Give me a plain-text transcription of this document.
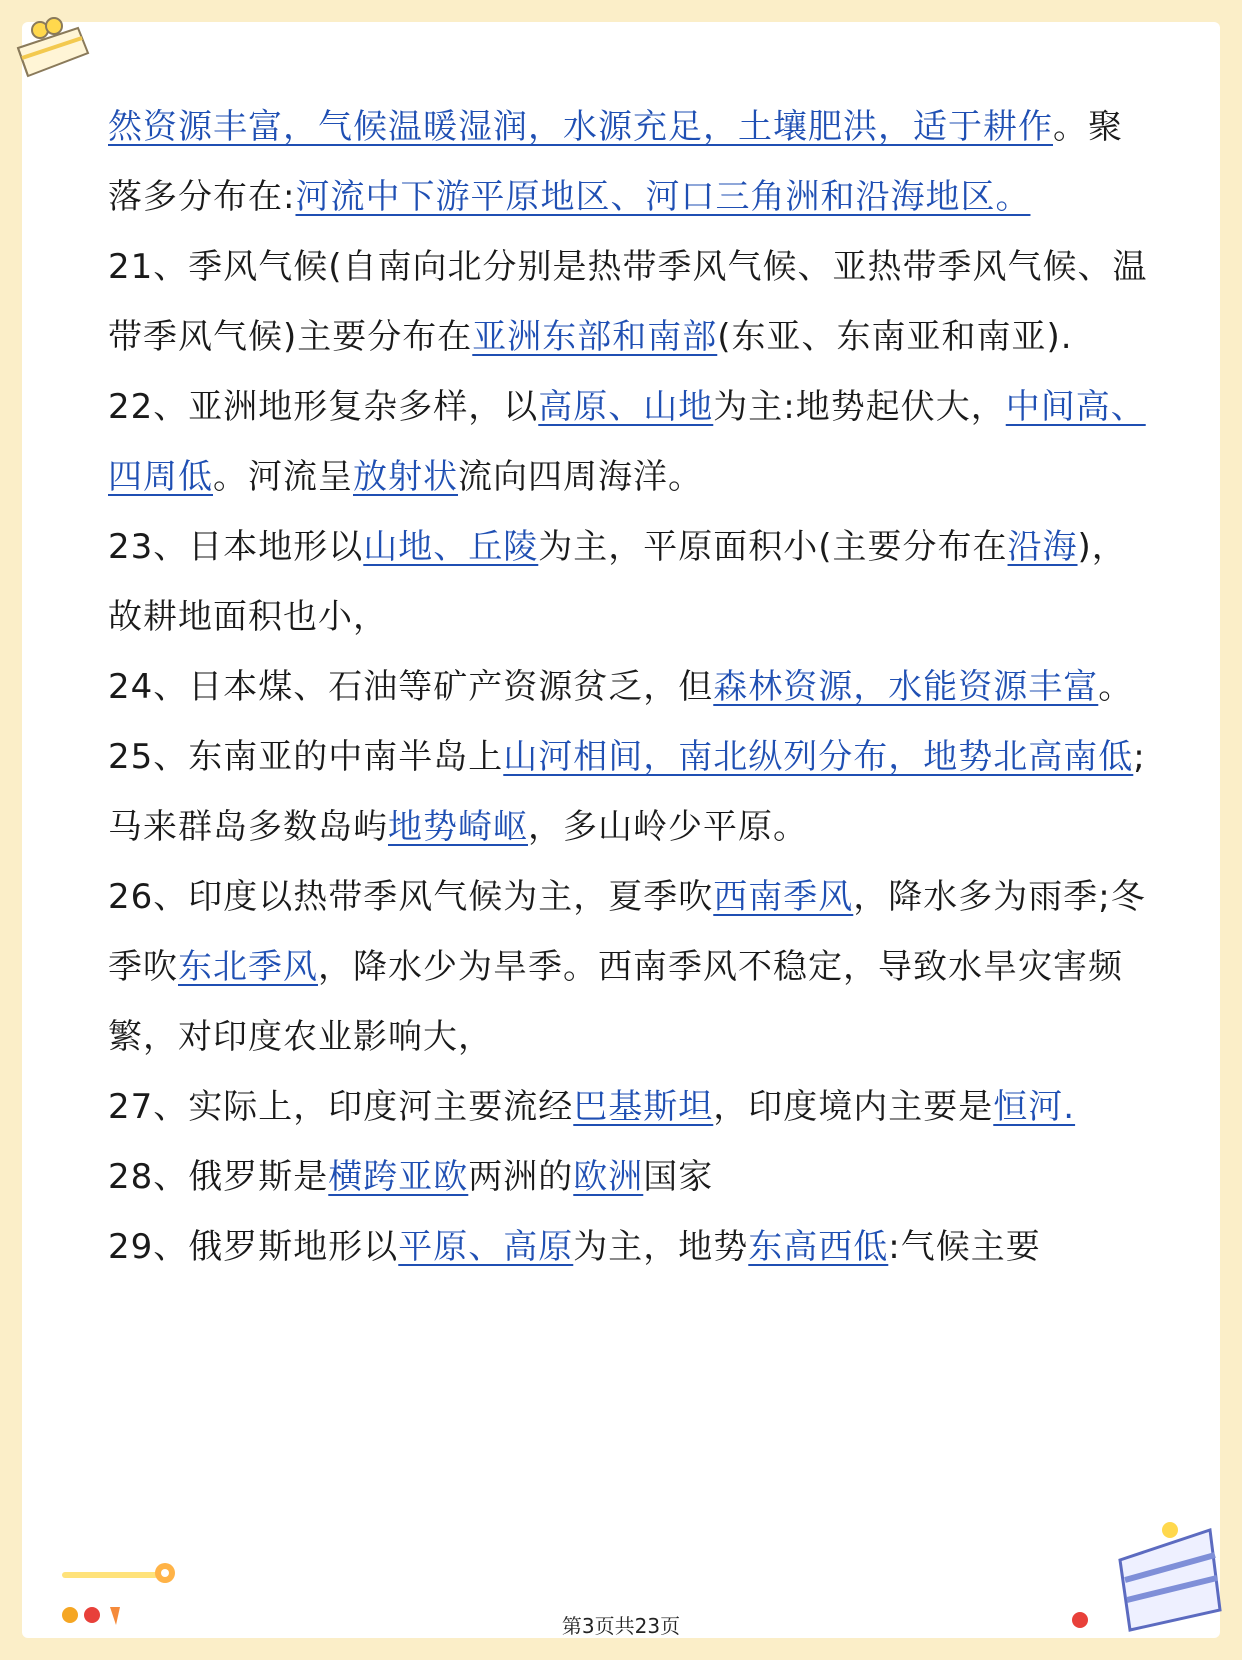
然资源丰富，气候温暖湿润，水源充足，土壤肥洪，适于耕作。聚落多分布在:河流中下游平原地区、河口三角洲和沿海地区。

21、季风气候(自南向北分别是热带季风气候、亚热带季风气候、温带季风气候)主要分布在亚洲东部和南部(东亚、东南亚和南亚).

22、亚洲地形复杂多样，以高原、山地为主:地势起伏大，中间高、四周低。河流呈放射状流向四周海洋。

23、日本地形以山地、丘陵为主，平原面积小(主要分布在沿海)，故耕地面积也小，

24、日本煤、石油等矿产资源贫乏，但森林资源，水能资源丰富。

25、东南亚的中南半岛上山河相间，南北纵列分布，地势北高南低;马来群岛多数岛屿地势崎岖，多山岭少平原。

26、印度以热带季风气候为主，夏季吹西南季风，降水多为雨季;冬季吹东北季风，降水少为旱季。西南季风不稳定，导致水旱灾害频繁，对印度农业影响大，

27、实际上，印度河主要流经巴基斯坦，印度境内主要是恒河.

28、俄罗斯是横跨亚欧两洲的欧洲国家

29、俄罗斯地形以平原、高原为主，地势东高西低:气候主要

第3页共23页
